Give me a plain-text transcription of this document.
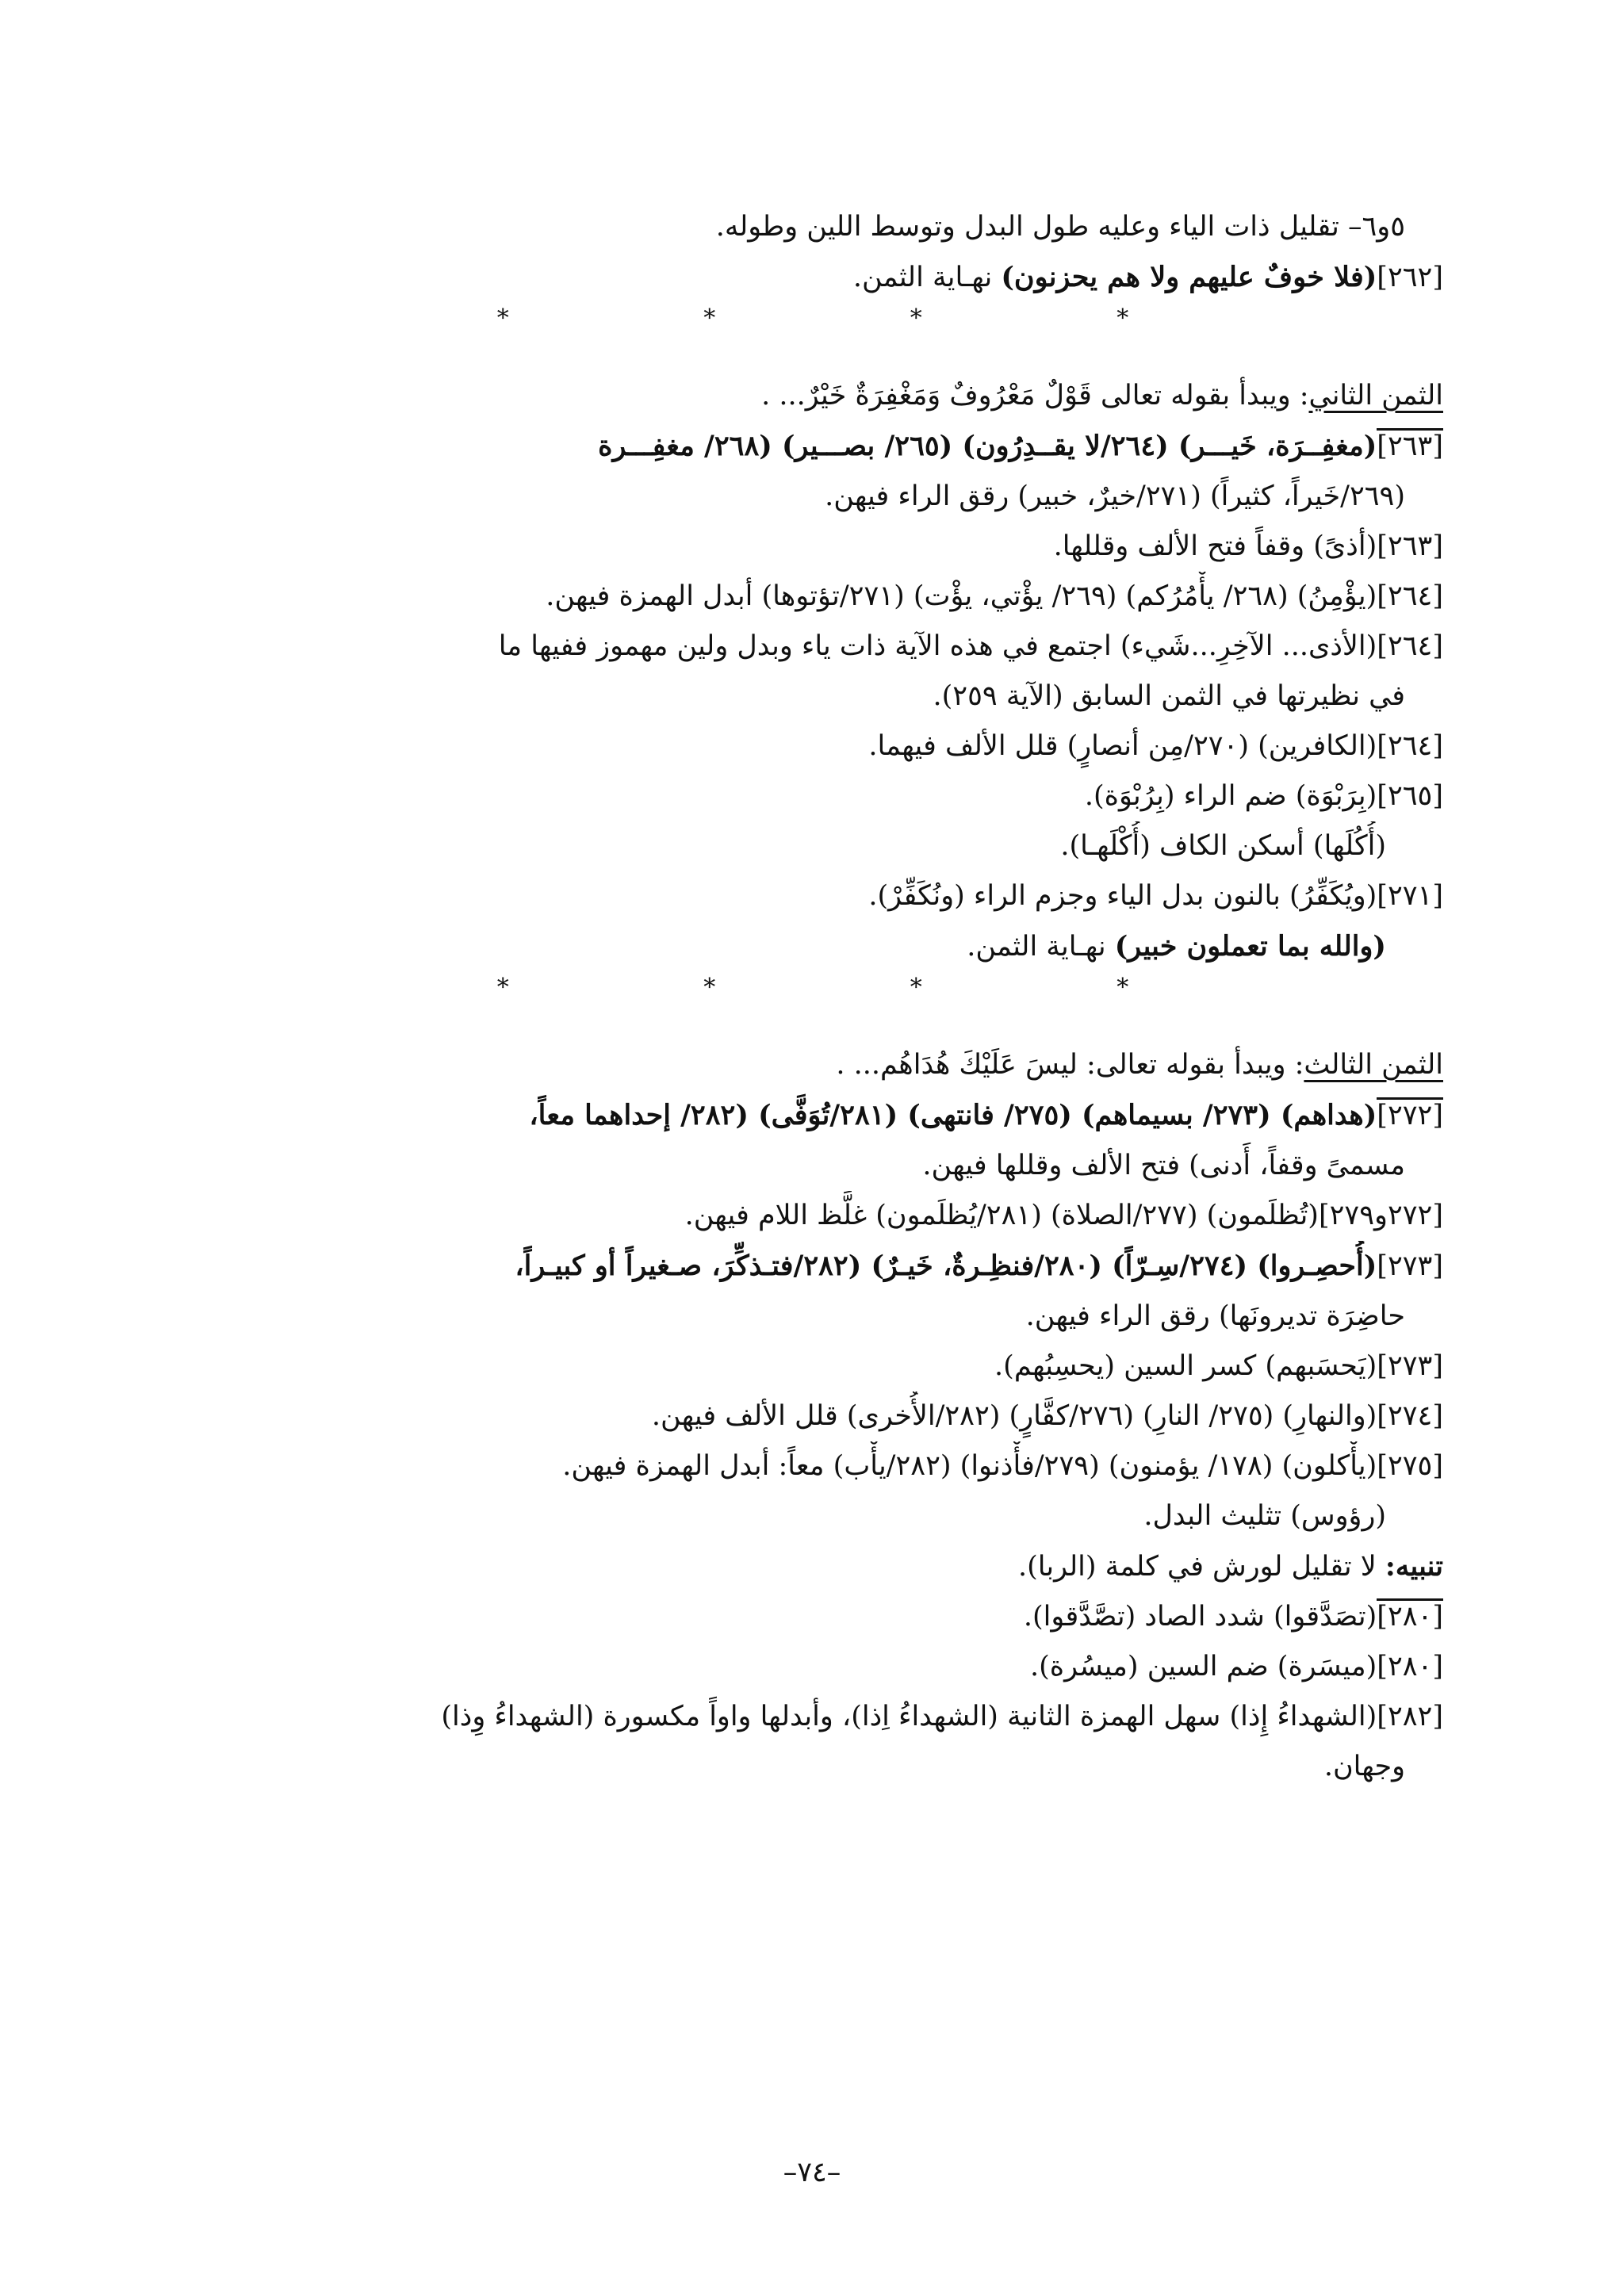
٥و٦– تقليل ذات الياء وعليه طول البدل وتوسط اللين وطوله.
[٢٦٢](فلا خوفٌ عليهم ولا هم يحزنون) نهـاية الثمن.
* * * *
الثمن الثاني: ويبدأ بقوله تعالى قَوْلٌ مَعْرُوفٌ وَمَغْفِرَةٌ خَيْرٌ... .
[٢٦٣](مغفِــرَة، خَيـــر) (٢٦٤/لا يقــدِرُون) (٢٦٥/ بصـــير) (٢٦٨/ مغفِـــرة
(٢٦٩/خَيراً، كثيراً) (٢٧١/خيرٌ، خبير) رقق الراء فيهن.
[٢٦٣](أذىً) وقفاً فتح الألف وقللها.
[٢٦٤](يؤْمِنُ) (٢٦٨/ يأْمُرُكم) (٢٦٩/ يؤْتي، يؤْت) (٢٧١/تؤتوها) أبدل الهمزة فيهن.
[٢٦٤](الأذى... الآخِرِ...شَيء) اجتمع في هذه الآية ذات ياء وبدل ولين مهموز ففيها ما
في نظيرتها في الثمن السابق (الآية ٢٥٩).
[٢٦٤](الكافرين) (٢٧٠/مِن أنصارٍ) قلل الألف فيهما.
[٢٦٥](بِرَبْوَة) ضم الراء (بِرُبْوَة).
(أُكُلَها) أسكن الكاف (أُكْلَهـا).
[٢٧١](ويُكَفِّرُ) بالنون بدل الياء وجزم الراء (ونُكَفِّرْ).
(والله بما تعملون خبير) نهـاية الثمن.
* * * *
الثمن الثالث: ويبدأ بقوله تعالى: ليسَ عَلَيْكَ هُدَاهُم... .
[٢٧٢](هداهم) (٢٧٣/ بسيماهم) (٢٧٥/ فانتهى) (٢٨١/تُوَفَّى) (٢٨٢/ إحداهما معاً،
مسمىً وقفاً، أَدنى) فتح الألف وقللها فيهن.
[٢٧٢و٢٧٩](تُظلَمون) (٢٧٧/الصلاة) (٢٨١/يُظلَمون) غلَّظ اللام فيهن.
[٢٧٣](أُحصِـروا) (٢٧٤/سِـرّاً) (٢٨٠/فنظِـرةٌ، خَيـرٌ) (٢٨٢/فتـذكِّرَ، صـغيراً أو كبيـراً،
حاضِرَة تديرونَها) رقق الراء فيهن.
[٢٧٣](يَحسَبهم) كسر السين (يحسِبُهم).
[٢٧٤](والنهارِ) (٢٧٥/ النارِ) (٢٧٦/كفَّارٍ) (٢٨٢/الأُخرى) قلل الألف فيهن.
[٢٧٥](يأْكلون) (١٧٨/ يؤمنون) (٢٧٩/فأْذنوا) (٢٨٢/يأْب) معاً: أبدل الهمزة فيهن.
(رؤوس) تثليث البدل.
تنبيه: لا تقليل لورش في كلمة (الربا).
[٢٨٠](تصَدَّقوا) شدد الصاد (تصَّدَّقوا).
[٢٨٠](ميسَرة) ضم السين (ميسُرة).
[٢٨٢](الشهداءُ إِذا) سهل الهمزة الثانية (الشهداءُ اِذا)، وأبدلها واواً مكسورة (الشهداءُ وِذا)
وجهان.
–٧٤–
